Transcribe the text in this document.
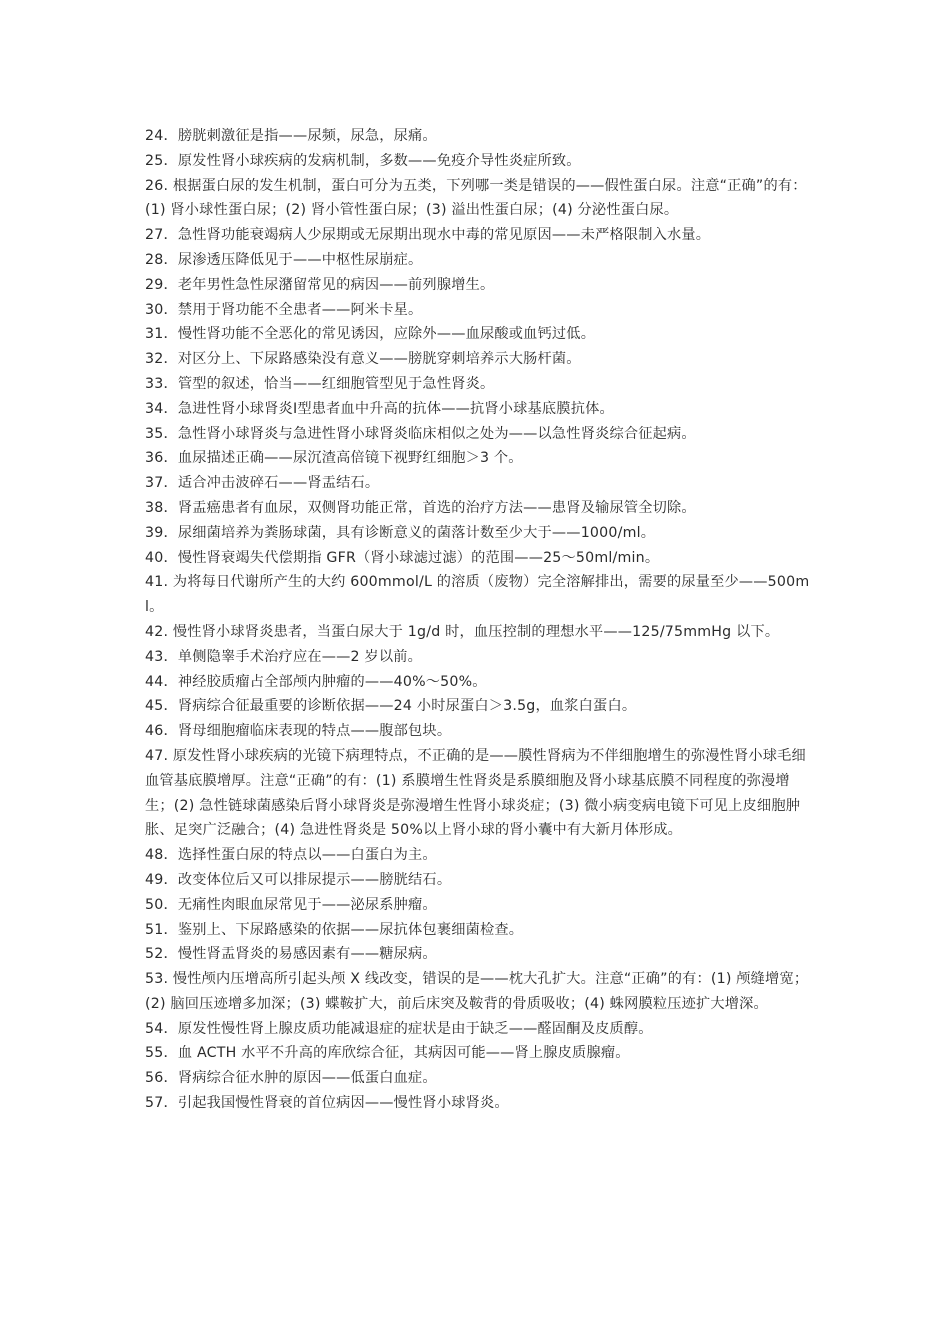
24．膀胱刺激征是指——尿频，尿急，尿痛。

25．原发性肾小球疾病的发病机制，多数——免疫介导性炎症所致。

26. 根据蛋白尿的发生机制，蛋白可分为五类，下列哪一类是错误的——假性蛋白尿。注意“正确”的有：(1) 肾小球性蛋白尿；(2) 肾小管性蛋白尿；(3) 溢出性蛋白尿；(4) 分泌性蛋白尿。

27．急性肾功能衰竭病人少尿期或无尿期出现水中毒的常见原因——未严格限制入水量。

28．尿渗透压降低见于——中枢性尿崩症。

29．老年男性急性尿潴留常见的病因——前列腺增生。

30．禁用于肾功能不全患者——阿米卡星。

31．慢性肾功能不全恶化的常见诱因，应除外——血尿酸或血钙过低。

32．对区分上、下尿路感染没有意义——膀胱穿刺培养示大肠杆菌。

33．管型的叙述，恰当——红细胞管型见于急性肾炎。

34．急进性肾小球肾炎Ⅰ型患者血中升高的抗体——抗肾小球基底膜抗体。

35．急性肾小球肾炎与急进性肾小球肾炎临床相似之处为——以急性肾炎综合征起病。

36．血尿描述正确——尿沉渣高倍镜下视野红细胞＞3 个。

37．适合冲击波碎石——肾盂结石。

38．肾盂癌患者有血尿，双侧肾功能正常，首选的治疗方法——患肾及输尿管全切除。

39．尿细菌培养为粪肠球菌，具有诊断意义的菌落计数至少大于——1000/ml。

40．慢性肾衰竭失代偿期指 GFR（肾小球滤过滤）的范围——25～50ml/min。

41. 为将每日代谢所产生的大约 600mmol/L 的溶质（废物）完全溶解排出，需要的尿量至少——500ml。

42. 慢性肾小球肾炎患者，当蛋白尿大于 1g/d 时，血压控制的理想水平——125/75mmHg 以下。

43．单侧隐睾手术治疗应在——2 岁以前。

44．神经胶质瘤占全部颅内肿瘤的——40%～50%。

45．肾病综合征最重要的诊断依据——24 小时尿蛋白＞3.5g，血浆白蛋白。

46．肾母细胞瘤临床表现的特点——腹部包块。

47. 原发性肾小球疾病的光镜下病理特点，不正确的是——膜性肾病为不伴细胞增生的弥漫性肾小球毛细血管基底膜增厚。注意“正确”的有：(1) 系膜增生性肾炎是系膜细胞及肾小球基底膜不同程度的弥漫增生；(2) 急性链球菌感染后肾小球肾炎是弥漫增生性肾小球炎症；(3) 微小病变病电镜下可见上皮细胞肿胀、足突广泛融合；(4) 急进性肾炎是 50%以上肾小球的肾小囊中有大新月体形成。

48．选择性蛋白尿的特点以——白蛋白为主。

49．改变体位后又可以排尿提示——膀胱结石。

50．无痛性肉眼血尿常见于——泌尿系肿瘤。

51．鉴别上、下尿路感染的依据——尿抗体包裹细菌检查。

52．慢性肾盂肾炎的易感因素有——糖尿病。

53. 慢性颅内压增高所引起头颅 X 线改变，错误的是——枕大孔扩大。注意“正确”的有：(1) 颅缝增宽；(2) 脑回压迹增多加深；(3) 蝶鞍扩大，前后床突及鞍背的骨质吸收；(4) 蛛网膜粒压迹扩大增深。

54．原发性慢性肾上腺皮质功能减退症的症状是由于缺乏——醛固酮及皮质醇。

55．血 ACTH 水平不升高的库欣综合征，其病因可能——肾上腺皮质腺瘤。

56．肾病综合征水肿的原因——低蛋白血症。

57．引起我国慢性肾衰的首位病因——慢性肾小球肾炎。
